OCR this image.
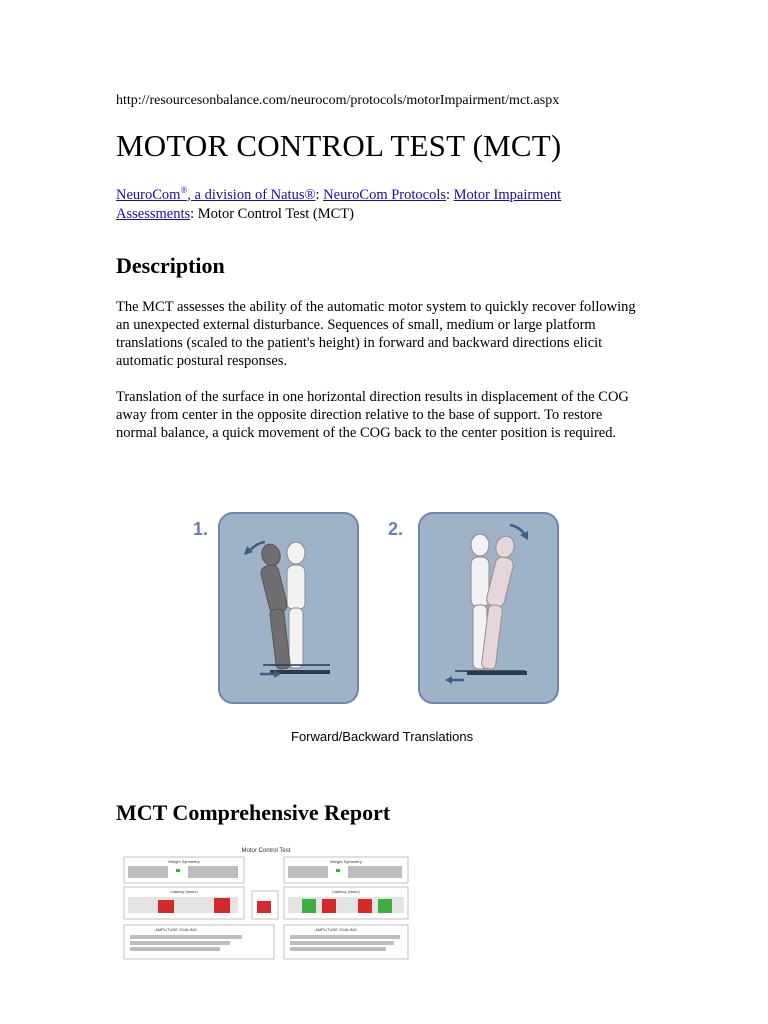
http://resourcesonbalance.com/neurocom/protocols/motorImpairment/mct.aspx
MOTOR CONTROL TEST (MCT)
NeuroCom®, a division of Natus®: NeuroCom Protocols: Motor Impairment Assessments: Motor Control Test (MCT)
Description

The MCT assesses the ability of the automatic motor system to quickly recover following an unexpected external disturbance. Sequences of small, medium or large platform translations (scaled to the patient's height) in forward and backward directions elicit automatic postural responses.

Translation of the surface in one horizontal direction results in displacement of the COG away from center in the opposite direction relative to the base of support. To restore normal balance, a quick movement of the COG back to the center position is required.

1.	2.
Forward/Backward Translations
MCT Comprehensive Report
Motor Control Test
Weight Symmetry	Weight Symmetry
Latency (msec)	Latency (msec)
AMPLITUDE SCALING	AMPLITUDE SCALING
